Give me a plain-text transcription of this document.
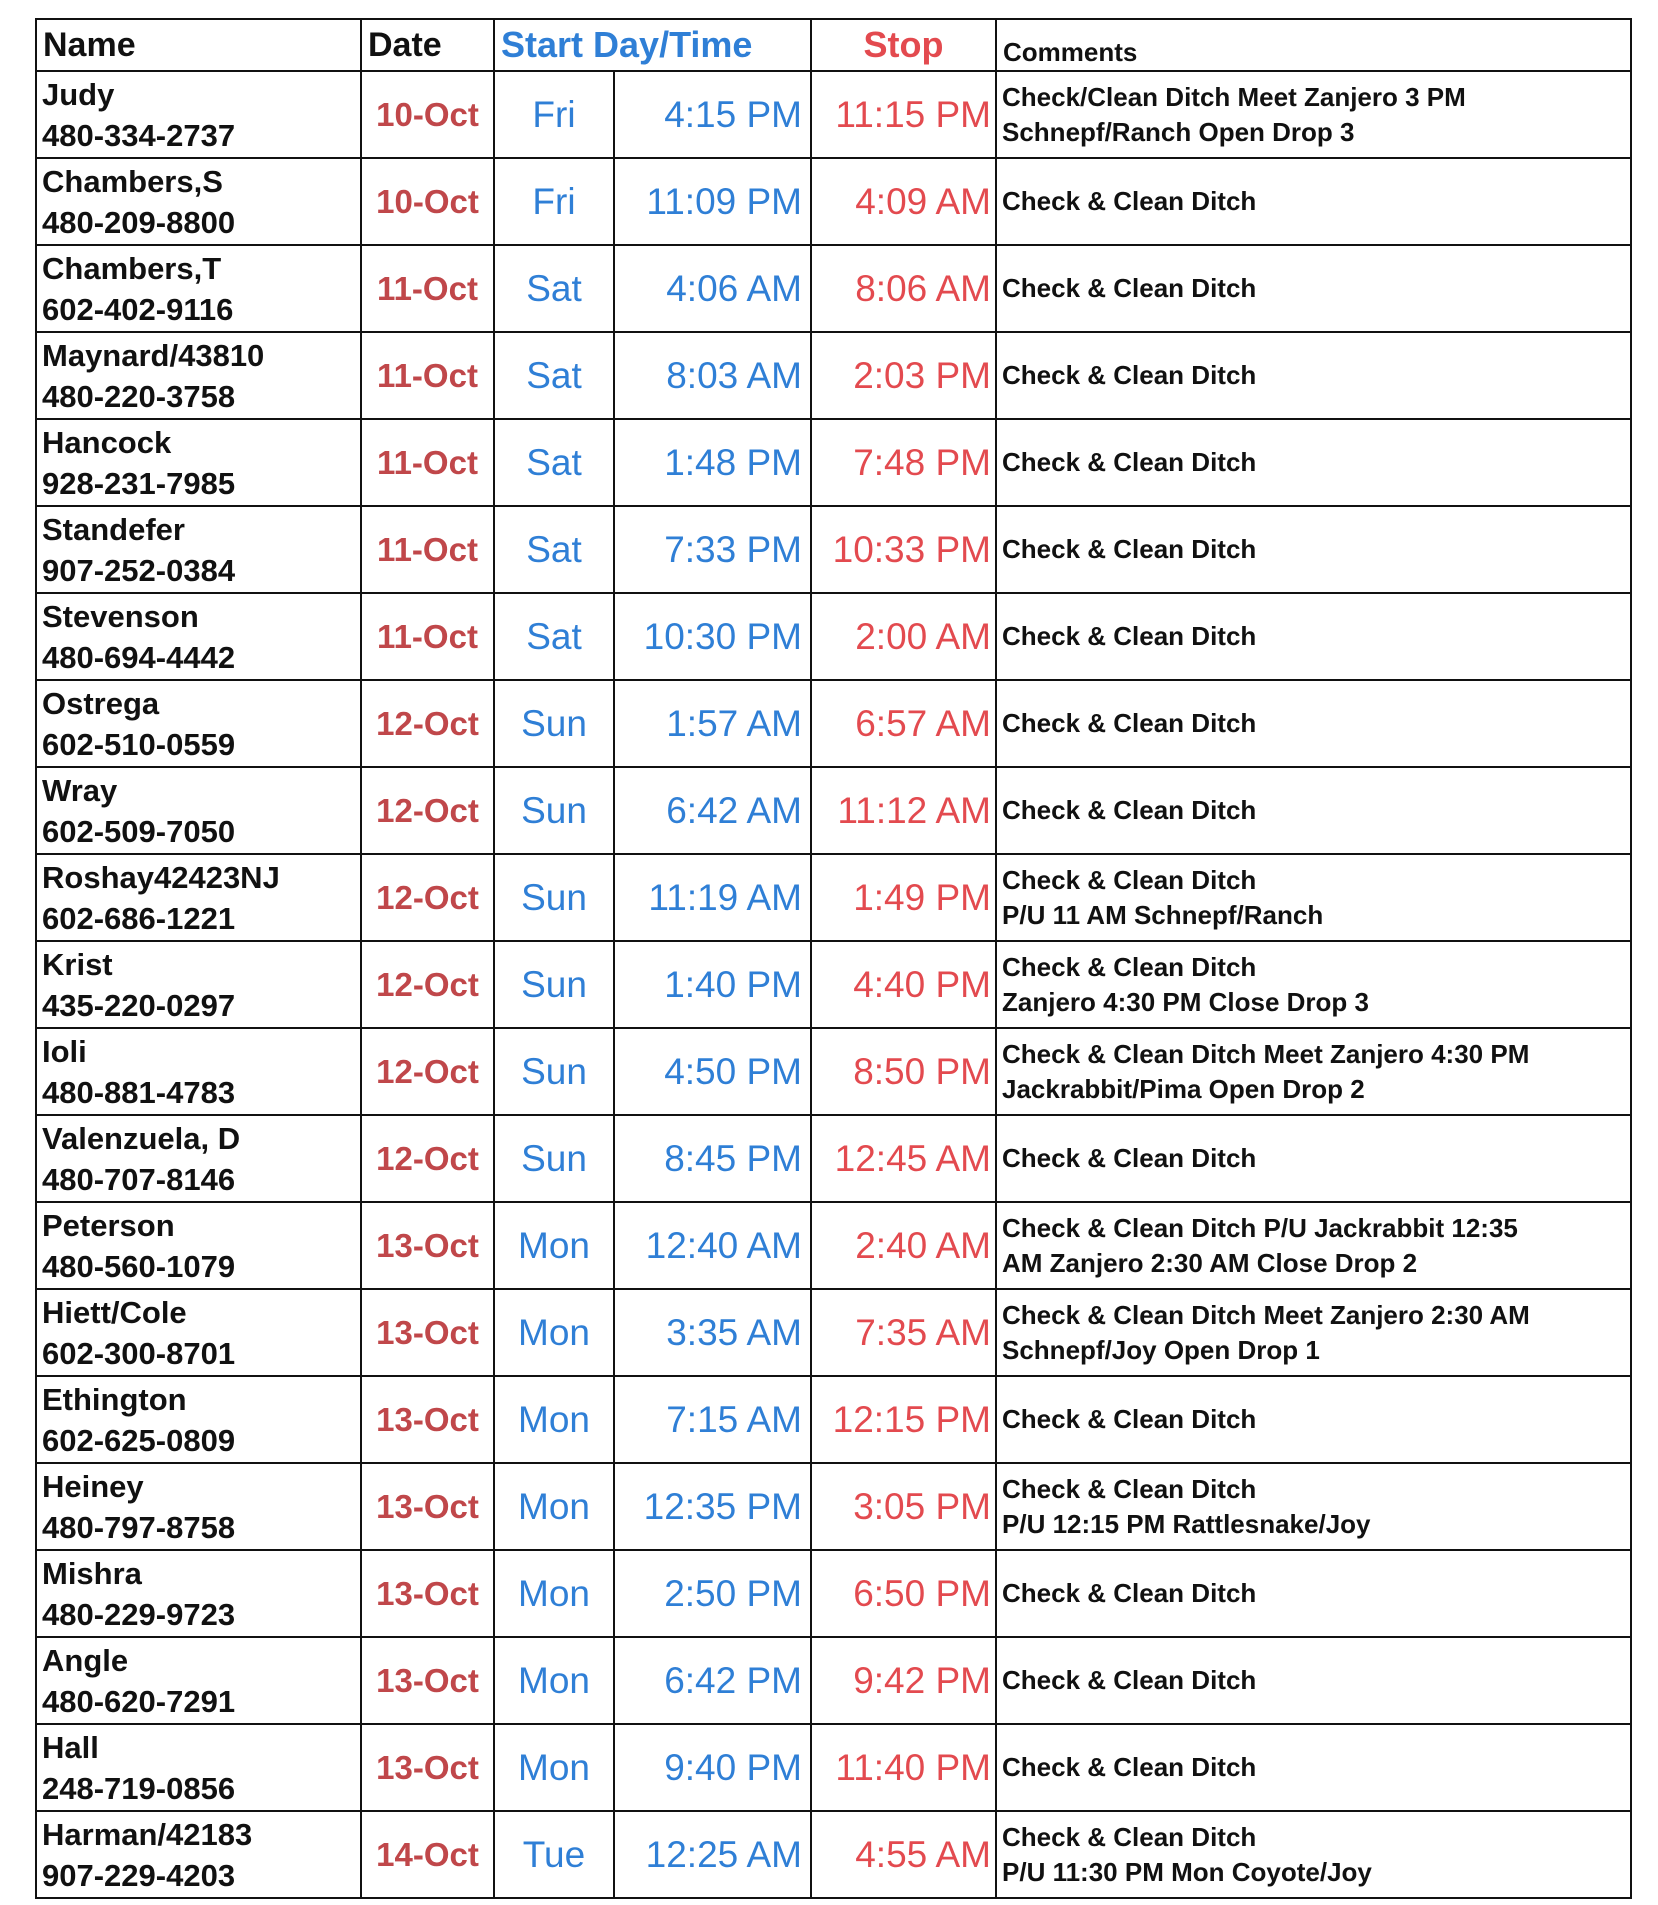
Name	Date	Start Day/Time		Stop	Comments

Judy
480-334-2737	10-Oct	Fri	4:15 PM	11:15 PM	Check/Clean Ditch Meet Zanjero 3 PM
Schnepf/Ranch Open Drop 3

Chambers,S
480-209-8800	10-Oct	Fri	11:09 PM	4:09 AM	Check & Clean Ditch

Chambers,T
602-402-9116	11-Oct	Sat	4:06 AM	8:06 AM	Check & Clean Ditch

Maynard/43810
480-220-3758	11-Oct	Sat	8:03 AM	2:03 PM	Check & Clean Ditch

Hancock
928-231-7985	11-Oct	Sat	1:48 PM	7:48 PM	Check & Clean Ditch

Standefer
907-252-0384	11-Oct	Sat	7:33 PM	10:33 PM	Check & Clean Ditch

Stevenson
480-694-4442	11-Oct	Sat	10:30 PM	2:00 AM	Check & Clean Ditch

Ostrega
602-510-0559	12-Oct	Sun	1:57 AM	6:57 AM	Check & Clean Ditch

Wray
602-509-7050	12-Oct	Sun	6:42 AM	11:12 AM	Check & Clean Ditch

Roshay42423NJ
602-686-1221	12-Oct	Sun	11:19 AM	1:49 PM	Check & Clean Ditch
P/U 11 AM Schnepf/Ranch

Krist
435-220-0297	12-Oct	Sun	1:40 PM	4:40 PM	Check & Clean Ditch
Zanjero 4:30 PM Close Drop 3

Ioli
480-881-4783	12-Oct	Sun	4:50 PM	8:50 PM	Check & Clean Ditch Meet Zanjero 4:30 PM
Jackrabbit/Pima Open Drop 2

Valenzuela, D
480-707-8146	12-Oct	Sun	8:45 PM	12:45 AM	Check & Clean Ditch

Peterson
480-560-1079	13-Oct	Mon	12:40 AM	2:40 AM	Check & Clean Ditch P/U Jackrabbit 12:35
AM Zanjero 2:30 AM Close Drop 2

Hiett/Cole
602-300-8701	13-Oct	Mon	3:35 AM	7:35 AM	Check & Clean Ditch Meet Zanjero 2:30 AM
Schnepf/Joy Open Drop 1

Ethington
602-625-0809	13-Oct	Mon	7:15 AM	12:15 PM	Check & Clean Ditch

Heiney
480-797-8758	13-Oct	Mon	12:35 PM	3:05 PM	Check & Clean Ditch
P/U 12:15 PM Rattlesnake/Joy

Mishra
480-229-9723	13-Oct	Mon	2:50 PM	6:50 PM	Check & Clean Ditch

Angle
480-620-7291	13-Oct	Mon	6:42 PM	9:42 PM	Check & Clean Ditch

Hall
248-719-0856	13-Oct	Mon	9:40 PM	11:40 PM	Check & Clean Ditch

Harman/42183
907-229-4203	14-Oct	Tue	12:25 AM	4:55 AM	Check & Clean Ditch
P/U 11:30 PM Mon Coyote/Joy
